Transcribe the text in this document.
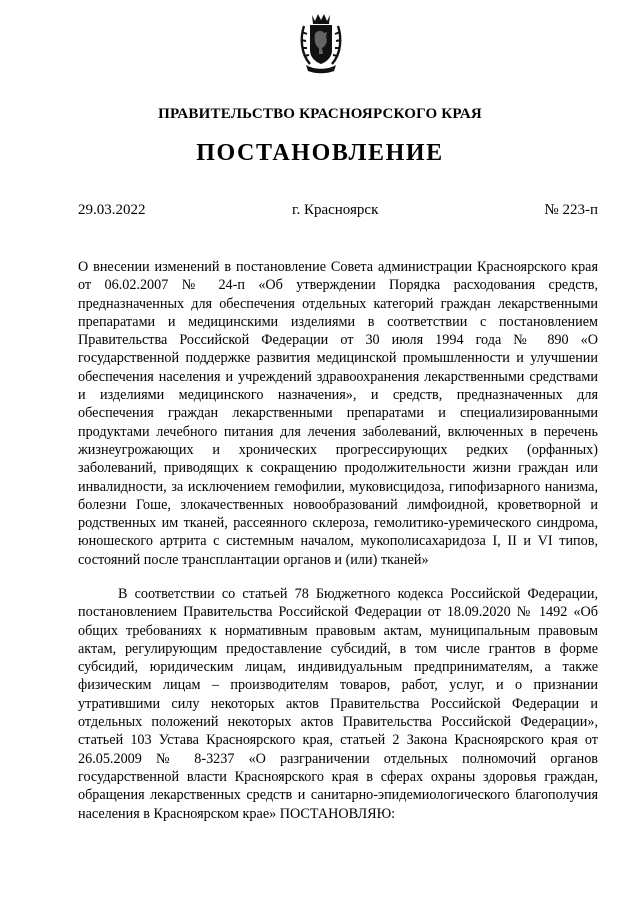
ПРАВИТЕЛЬСТВО КРАСНОЯРСКОГО КРАЯ
ПОСТАНОВЛЕНИЕ
29.03.2022	г. Красноярск	№ 223-п
О внесении изменений в постановление Совета администрации Красноярского края от 06.02.2007 № 24-п «Об утверждении Порядка расходования средств, предназначенных для обеспечения отдельных категорий граждан лекарственными препаратами и медицинскими изделиями в соответствии с постановлением Правительства Российской Федерации от 30 июля 1994 года № 890 «О государственной поддержке развития медицинской промышленности и улучшении обеспечения населения и учреждений здравоохранения лекарственными средствами и изделиями медицинского назначения», и средств, предназначенных для обеспечения граждан лекарственными препаратами и специализированными продуктами лечебного питания для лечения заболеваний, включенных в перечень жизнеугрожающих и хронических прогрессирующих редких (орфанных) заболеваний, приводящих к сокращению продолжительности жизни граждан или инвалидности, за исключением гемофилии, муковисцидоза, гипофизарного нанизма, болезни Гоше, злокачественных новообразований лимфоидной, кроветворной и родственных им тканей, рассеянного склероза, гемолитико-уремического синдрома, юношеского артрита с системным началом, мукополисахаридоза I, II и VI типов, состояний после трансплантации органов и (или) тканей»
В соответствии со статьей 78 Бюджетного кодекса Российской Федерации, постановлением Правительства Российской Федерации от 18.09.2020 № 1492 «Об общих требованиях к нормативным правовым актам, муниципальным правовым актам, регулирующим предоставление субсидий, в том числе грантов в форме субсидий, юридическим лицам, индивидуальным предпринимателям, а также физическим лицам – производителям товаров, работ, услуг, и о признании утратившими силу некоторых актов Правительства Российской Федерации и отдельных положений некоторых актов Правительства Российской Федерации», статьей 103 Устава Красноярского края, статьей 2 Закона Красноярского края от 26.05.2009 № 8-3237 «О разграничении отдельных полномочий органов государственной власти Красноярского края в сферах охраны здоровья граждан, обращения лекарственных средств и санитарно-эпидемиологического благополучия населения в Красноярском крае» ПОСТАНОВЛЯЮ:
